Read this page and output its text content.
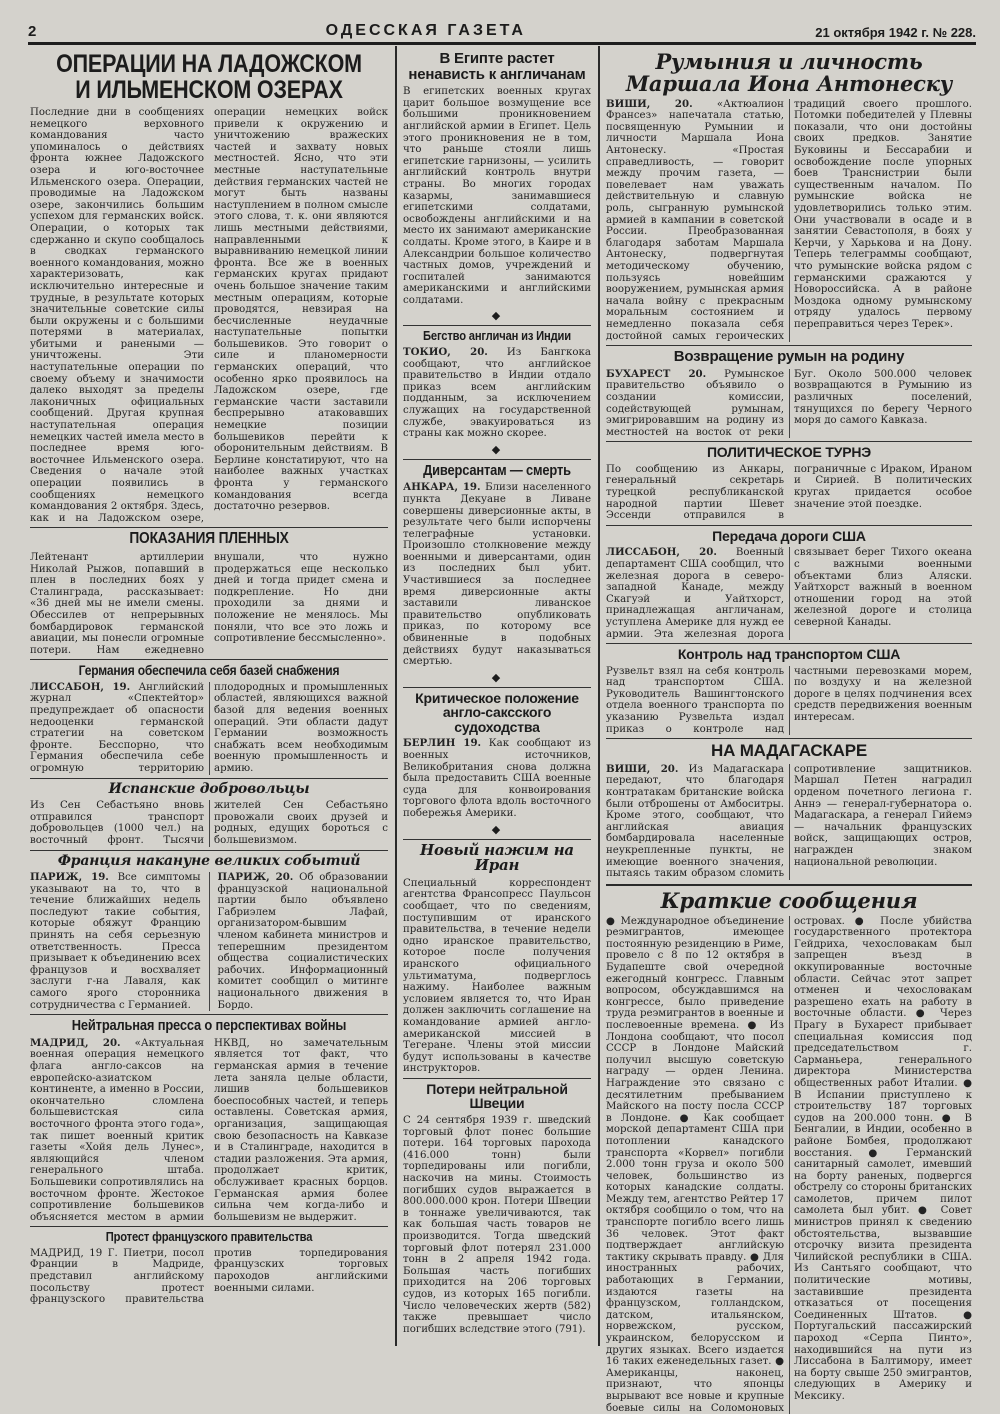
2	ОДЕССКАЯ ГАЗЕТА	21 октября 1942 г. № 228.
ОПЕРАЦИИ НА ЛАДОЖСКОМ И ИЛЬМЕНСКОМ ОЗЕРАХ

Последние дни в сообщениях немецкого верховного командования часто упоминалось о действиях фронта южнее Ладожского озера и юго-восточнее Ильменского озера. Операции, проводимые на Ладожском озере, закончились большим успехом для германских войск. Операции, о которых так сдержанно и скупо сообщалось в сводках германского военного командования, можно характеризовать, как исключительно интересные и трудные, в результате которых значительные советские силы были окружены и с большими потерями в материалах, убитыми и ранеными — уничтожены. Эти наступательные операции по своему объему и значимости далеко выходят за пределы лаконичных официальных сообщений. Другая крупная наступательная операция немецких частей имела место в последнее время юго-восточнее Ильменского озера. Сведения о начале этой операции появились в сообщениях немецкого командования 2 октября. Здесь, как и на Ладожском озере, операции немецких войск привели к окружению и уничтожению вражеских частей и захвату новых местностей. Ясно, что эти местные наступательные действия германских частей не могут быть названы наступлением в полном смысле этого слова, т. к. они являются лишь местными действиями, направленными к выравниванию немецкой линии фронта. Все же в военных германских кругах придают очень большое значение таким местным операциям, которые проводятся, невзирая на бесчисленные неудачные наступательные попытки большевиков. Это говорит о силе и планомерности германских операций, что особенно ярко проявилось на Ладожском озере, где германские части заставили беспрерывно атаковавших немецкие позиции большевиков перейти к оборонительным действиям. В Берлине констатируют, что на наиболее важных участках фронта у германского командования всегда достаточно резервов.

ПОКАЗАНИЯ ПЛЕННЫХ

Лейтенант артиллерии Николай Рыжов, попавший в плен в последних боях у Сталинграда, рассказывает: «36 дней мы не имели смены. Обессилев от непрерывных бомбардировок германской авиации, мы понесли огромные потери. Нам ежедневно внушали, что нужно продержаться еще несколько дней и тогда придет смена и подкрепление. Но дни проходили за днями и положение не менялось. Мы поняли, что все это ложь и сопротивление бессмысленно».

Германия обеспечила себя базей снабжения

ЛИССАБОН, 19. Английский журнал «Спектейтор» предупреждает об опасности недооценки германской стратегии на советском фронте. Бесспорно, что Германия обеспечила себе огромную территорию плодородных и промышленных областей, являющихся важной базой для ведения военных операций. Эти области дадут Германии возможность снабжать всем необходимым военную промышленность и армию.

Испанские добровольцы

Из Сен Себастьяно вновь отправился транспорт добровольцев (1000 чел.) на восточный фронт. Тысячи жителей Сен Себастьяно провожали своих друзей и родных, едущих бороться с большевизмом.

Франция накануне великих событий

ПАРИЖ, 19. Все симптомы указывают на то, что в течение ближайших недель последуют такие события, которые обяжут Францию принять на себя серьезную ответственность. Пресса призывает к объединению всех французов и восхваляет заслуги г-на Лаваля, как самого ярого сторонника сотрудничества с Германией.

ПАРИЖ, 20. Об образовании французской национальной партии было объявлено Габриэлем Лафай, организатором-бывшим членом кабинета министров и теперешним президентом общества социалистических рабочих. Информационный комитет сообщил о митинге национального движения в Бордо.

Нейтральная пресса о перспективах войны

МАДРИД, 20. «Актуальная военная операция немецкого флага англо-саксов на европейско-азиатском континенте, а именно в России, окончательно сломлена большевистская сила восточного фронта этого года», так пишет военный критик газеты «Хойя дель Лунес», являющийся членом генерального штаба. Большевики сопротивлялись на восточном фронте. Жестокое сопротивление большевиков объясняется местом в армии НКВД, но замечательным является тот факт, что германская армия в течение лета заняла целые области, лишив большевиков боеспособных частей, и теперь оставлены. Советская армия, организация, защищающая свою безопасность на Кавказе и в Сталинграде, находится в стадии разложения. Эта армия, продолжает критик, обслуживает красных борцов. Германская армия более сильна чем когда-либо и большевизм не выдержит.

Протест французского правительства

МАДРИД, 19 Г. Пиетри, посол Франции в Мадриде, представил английскому посольству протест французского правительства против торпедирования французских торговых пароходов английскими военными силами.

В Египте растет ненависть к англичанам

В египетских военных кругах царит большое возмущение все большими проникновением английской армии в Египет. Цель этого проникновения не в том, что раньше стояли лишь египетские гарнизоны, — усилить английский контроль внутри страны. Во многих городах казармы, занимавшиеся египетскими солдатами, освобождены английскими и на место их занимают американские солдаты. Кроме этого, в Каире и в Александрии большое количество частных домов, учреждений и госпиталей занимаются американскими и английскими солдатами.

◆
Бегство англичан из Индии

ТОКИО, 20. Из Бангкока сообщают, что английское правительство в Индии отдало приказ всем английским подданным, за исключением служащих на государственной службе, эвакуироваться из страны как можно скорее.

◆
Диверсантам — смерть

АНКАРА, 19. Близи населенного пункта Декуане в Ливане совершены диверсионные акты, в результате чего были испорчены телеграфные установки. Произошло столкновение между военными и диверсантами, один из последних был убит. Участившиеся за последнее время диверсионные акты заставили ливанское правительство опубликовать приказ, по которому все обвиненные в подобных действиях будут наказываться смертью.

◆
Критическое положение англо-саксского судоходства

БЕРЛИН 19. Как сообщают из военных источников, Великобритания снова должна была предоставить США военные суда для конвоирования торгового флота вдоль восточного побережья Америки.

◆
Новый нажим на Иран

Специальный корреспондент агентства Франсопресс Паульсон сообщает, что по сведениям, поступившим от иранского правительства, в течение недели одно иранское правительство, которое после получения иранского официального ультиматума, подверглось нажиму. Наиболее важным условием является то, что Иран должен заключить соглашение на командование армией англо-американской миссией в Тегеране. Члены этой миссии будут использованы в качестве инструкторов.

Потери нейтральной Швеции

С 24 сентября 1939 г. шведский торговый флот понес большие потери. 164 торговых парохода (416.000 тонн) были торпедированы или погибли, наскочив на мины. Стоимость погибших судов выражается в 800.000.000 крон. Потери Швеции в тоннаже увеличиваются, так как большая часть товаров не производится. Тогда шведский торговый флот потерял 231.000 тонн в 2 апреля 1942 года. Большая часть погибших приходится на 206 торговых судов, из которых 165 погибли. Число человеческих жертв (582) также превышает число погибших вследствие этого (791).

Румыния и личность Маршала Иона Антонеску

ВИШИ, 20. «Актюалион Франсез» напечатала статью, посвященную Румынии и личности Маршала Иона Антонеску. «Простая справедливость, — говорит между прочим газета, — повелевает нам уважать действительную и славную роль, сыгранную румынской армией в кампании в советской России. Преобразованная благодаря заботам Маршала Антонеску, подвергнутая методическому обучению, пользуясь новейшим вооружением, румынская армия начала войну с прекрасным моральным состоянием и немедленно показала себя достойной самых героических традиций своего прошлого. Потомки победителей у Плевны показали, что они достойны своих предков. Занятие Буковины и Бессарабии и освобождение после упорных боев Транснистрии были существенным началом. По румынские войска не удовлетворились только этим. Они участвовали в осаде и в занятии Севастополя, в боях у Керчи, у Харькова и на Дону. Теперь телеграммы сообщают, что румынские войска рядом с германскими сражаются у Новороссийска. А в районе Моздока одному румынскому отряду удалось первому переправиться через Терек».

Возвращение румын на родину

БУХАРЕСТ 20. Румынское правительство объявило о создании комиссии, содействующей румынам, эмигрировавшим на родину из местностей на восток от реки Буг. Около 500.000 человек возвращаются в Румынию из различных поселений, тянущихся по берегу Черного моря до самого Кавказа.

ПОЛИТИЧЕСКОЕ ТУРНЭ

По сообщению из Анкары, генеральный секретарь турецкой республиканской народной партии Шевет Эссенди отправился в пограничные с Ираком, Ираном и Сирией. В политических кругах придается особое значение этой поездке.

Передача дороги США

ЛИССАБОН, 20. Военный департамент США сообщил, что железная дорога в северо-западной Канаде, между Скагуэй и Уайтхорст, принадлежащая англичанам, уступлена Америке для нужд ее армии. Эта железная дорога связывает берег Тихого океана с важными военными объектами близ Аляски. Уайтхорст важный в военном отношении город на этой железной дороге и столица северной Канады.

Контроль над транспортом США

Рузвельт взял на себя контроль над транспортом США. Руководитель Вашингтонского отдела военного транспорта по указанию Рузвельта издал приказ о контроле над частными перевозками морем, по воздуху и на железной дороге в целях подчинения всех средств передвижения военным интересам.

НА МАДАГАСКАРЕ

ВИШИ, 20. Из Мадагаскара передают, что благодаря контратакам британские войска были отброшены от Амбоситры. Кроме этого, сообщают, что английская авиация бомбардировала населенные неукрепленные пункты, не имеющие военного значения, пытаясь таким образом сломить сопротивление защитников. Маршал Петен наградил орденом почетного легиона г. Аннэ — генерал-губернатора о. Мадагаскара, а генерал Гийемэ — начальник французских войск, защищающих остров, награжден знаком национальной революции.

Краткие сообщения

● Международное объединение реэмигрантов, имеющее постоянную резиденцию в Риме, провело с 8 по 12 октября в Будапеште свой очередной ежегодный конгресс. Главным вопросом, обсуждавшимся на конгрессе, было приведение труда реэмигрантов в военные и послевоенные времена. ● Из Лондона сообщают, что посол СССР в Лондоне Майский получил высшую советскую награду — орден Ленина. Награждение это связано с десятилетним пребыванием Майского на посту посла СССР в Лондоне. ● Как сообщает морской департамент США при потоплении канадского транспорта «Корвел» погибли 2.000 тонн груза и около 500 человек, большинство из которых канадские солдаты. Между тем, агентство Рейтер 17 октября сообщило о том, что на транспорте погибло всего лишь 36 человек. Этот факт подтверждает английскую тактику скрывать правду. ● Для иностранных рабочих, работающих в Германии, издаются газеты на французском, голландском, датском, итальянском, норвежском, русском, украинском, белорусском и других языках. Всего издается 16 таких еженедельных газет. ● Американцы, наконец, признают, что японцы вырывают все новые и крупные боевые силы на Соломоновых островах. ● После убийства государственного протектора Гейдриха, чехословакам был запрещен въезд в оккупированные восточные области. Сейчас этот запрет отменен и чехословакам разрешено ехать на работу в восточные области. ● Через Прагу в Бухарест прибывает специальная комиссия под председательством г. Сарманьера, генерального директора Министерства общественных работ Италии. ● В Испании приступлено к строительству 187 торговых судов на 200.000 тонн. ● В Бенгалии, в Индии, особенно в районе Бомбея, продолжают восстания. ● Германский санитарный самолет, имевший на борту раненых, подвергся обстрелу со стороны британских самолетов, причем пилот самолета был убит. ● Совет министров принял к сведению обстоятельства, вызвавшие отсрочку визита президента Чилийской республики в США. Из Сантьяго сообщают, что политические мотивы, заставившие президента отказаться от посещения Соединенных Штатов. ● Португальский пассажирский пароход «Серпа Пинто», находившийся на пути из Лиссабона в Балтимору, имеет на борту свыше 250 эмигрантов, следующих в Америку и Мексику.
